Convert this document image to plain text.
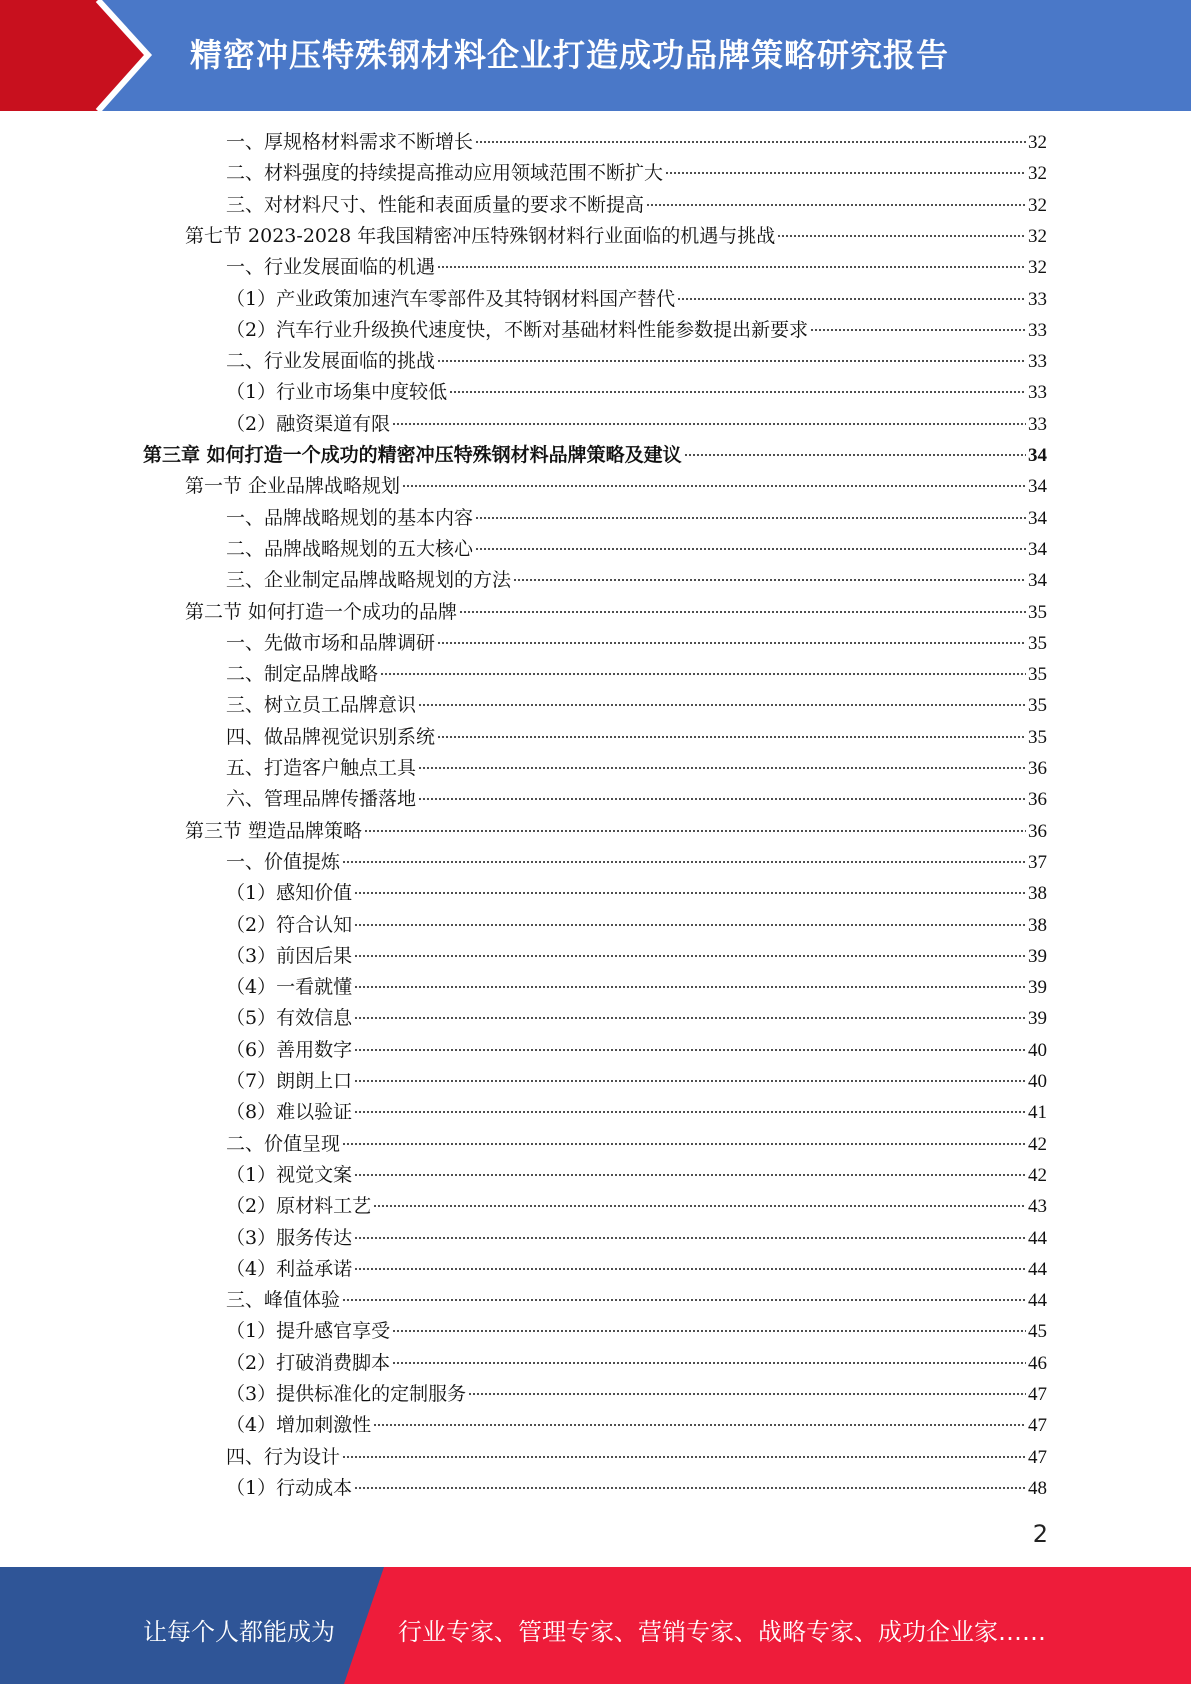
精密冲压特殊钢材料企业打造成功品牌策略研究报告
一、厚规格材料需求不断增长	32
二、材料强度的持续提高推动应用领域范围不断扩大	32
三、对材料尺寸、性能和表面质量的要求不断提高	32
第七节 2023-2028 年我国精密冲压特殊钢材料行业面临的机遇与挑战	32
一、行业发展面临的机遇	32
（1）产业政策加速汽车零部件及其特钢材料国产替代	33
（2）汽车行业升级换代速度快，不断对基础材料性能参数提出新要求	33
二、行业发展面临的挑战	33
（1）行业市场集中度较低	33
（2）融资渠道有限	33
第三章 如何打造一个成功的精密冲压特殊钢材料品牌策略及建议	34
第一节 企业品牌战略规划	34
一、品牌战略规划的基本内容	34
二、品牌战略规划的五大核心	34
三、企业制定品牌战略规划的方法	34
第二节 如何打造一个成功的品牌	35
一、先做市场和品牌调研	35
二、制定品牌战略	35
三、树立员工品牌意识	35
四、做品牌视觉识别系统	35
五、打造客户触点工具	36
六、管理品牌传播落地	36
第三节 塑造品牌策略	36
一、价值提炼	37
（1）感知价值	38
（2）符合认知	38
（3）前因后果	39
（4）一看就懂	39
（5）有效信息	39
（6）善用数字	40
（7）朗朗上口	40
（8）难以验证	41
二、价值呈现	42
（1）视觉文案	42
（2）原材料工艺	43
（3）服务传达	44
（4）利益承诺	44
三、峰值体验	44
（1）提升感官享受	45
（2）打破消费脚本	46
（3）提供标准化的定制服务	47
（4）增加刺激性	47
四、行为设计	47
（1）行动成本	48
2
让每个人都能成为	行业专家、管理专家、营销专家、战略专家、成功企业家……
